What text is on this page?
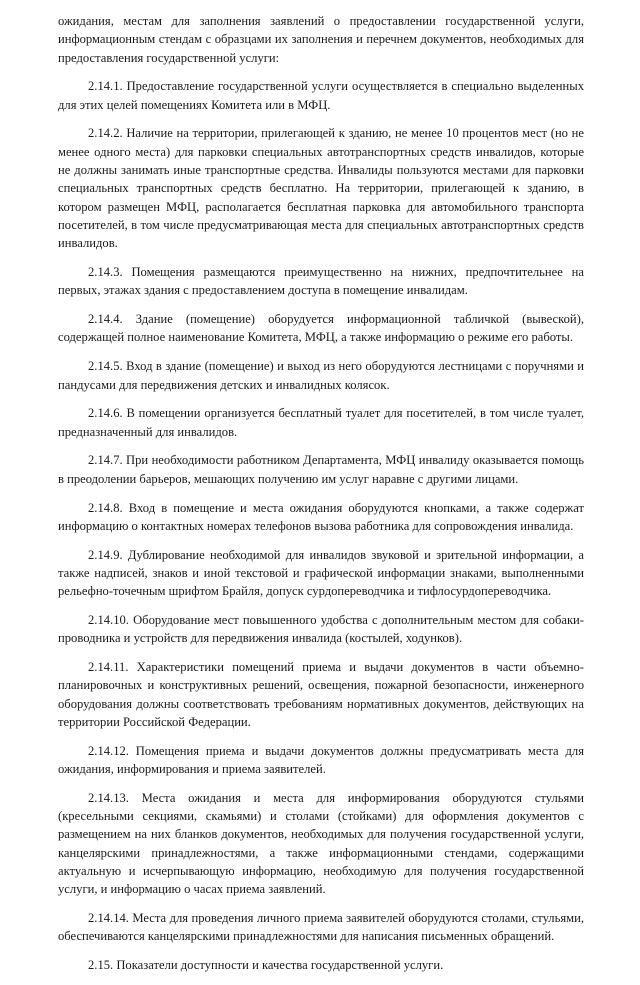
ожидания, местам для заполнения заявлений о предоставлении государственной услуги, информационным стендам с образцами их заполнения и перечнем документов, необходимых для предоставления государственной услуги:

2.14.1. Предоставление государственной услуги осуществляется в специально выделенных для этих целей помещениях Комитета или в МФЦ.

2.14.2. Наличие на территории, прилегающей к зданию, не менее 10 процентов мест (но не менее одного места) для парковки специальных автотранспортных средств инвалидов, которые не должны занимать иные транспортные средства. Инвалиды пользуются местами для парковки специальных транспортных средств бесплатно. На территории, прилегающей к зданию, в котором размещен МФЦ, располагается бесплатная парковка для автомобильного транспорта посетителей, в том числе предусматривающая места для специальных автотранспортных средств инвалидов.

2.14.3. Помещения размещаются преимущественно на нижних, предпочтительнее на первых, этажах здания с предоставлением доступа в помещение инвалидам.

2.14.4. Здание (помещение) оборудуется информационной табличкой (вывеской), содержащей полное наименование Комитета, МФЦ, а также информацию о режиме его работы.

2.14.5. Вход в здание (помещение) и выход из него оборудуются лестницами с поручнями и пандусами для передвижения детских и инвалидных колясок.

2.14.6. В помещении организуется бесплатный туалет для посетителей, в том числе туалет, предназначенный для инвалидов.

2.14.7. При необходимости работником Департамента, МФЦ инвалиду оказывается помощь в преодолении барьеров, мешающих получению им услуг наравне с другими лицами.

2.14.8. Вход в помещение и места ожидания оборудуются кнопками, а также содержат информацию о контактных номерах телефонов вызова работника для сопровождения инвалида.

2.14.9. Дублирование необходимой для инвалидов звуковой и зрительной информации, а также надписей, знаков и иной текстовой и графической информации знаками, выполненными рельефно-точечным шрифтом Брайля, допуск сурдопереводчика и тифлосурдопереводчика.

2.14.10. Оборудование мест повышенного удобства с дополнительным местом для собаки-проводника и устройств для передвижения инвалида (костылей, ходунков).

2.14.11. Характеристики помещений приема и выдачи документов в части объемно-планировочных и конструктивных решений, освещения, пожарной безопасности, инженерного оборудования должны соответствовать требованиям нормативных документов, действующих на территории Российской Федерации.

2.14.12. Помещения приема и выдачи документов должны предусматривать места для ожидания, информирования и приема заявителей.

2.14.13. Места ожидания и места для информирования оборудуются стульями (кресельными секциями, скамьями) и столами (стойками) для оформления документов с размещением на них бланков документов, необходимых для получения государственной услуги, канцелярскими принадлежностями, а также информационными стендами, содержащими актуальную и исчерпывающую информацию, необходимую для получения государственной услуги, и информацию о часах приема заявлений.

2.14.14. Места для проведения личного приема заявителей оборудуются столами, стульями, обеспечиваются канцелярскими принадлежностями для написания письменных обращений.

2.15. Показатели доступности и качества государственной услуги.
